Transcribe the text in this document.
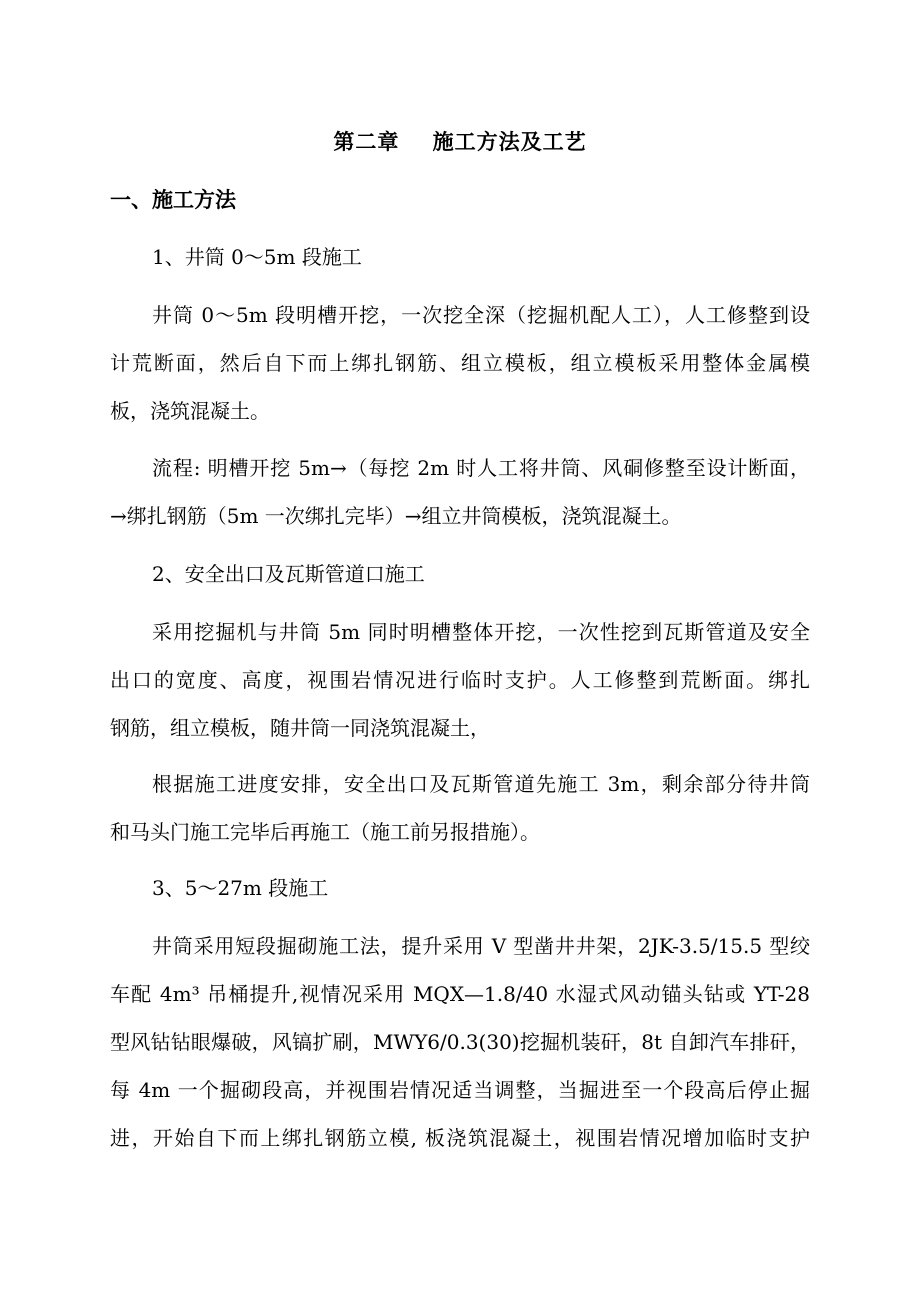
第二章    施工方法及工艺
一、施工方法
1、井筒 0～5m 段施工
井筒 0～5m 段明槽开挖，一次挖全深（挖掘机配人工），人工修整到设
计荒断面，然后自下而上绑扎钢筋、组立模板，组立模板采用整体金属模
板，浇筑混凝土。
流程: 明槽开挖 5m→（每挖 2m 时人工将井筒、风硐修整至设计断面，
→绑扎钢筋（5m 一次绑扎完毕）→组立井筒模板，浇筑混凝土。
2、安全出口及瓦斯管道口施工
采用挖掘机与井筒 5m 同时明槽整体开挖，一次性挖到瓦斯管道及安全
出口的宽度、高度，视围岩情况进行临时支护。人工修整到荒断面。绑扎
钢筋，组立模板，随井筒一同浇筑混凝土，
根据施工进度安排，安全出口及瓦斯管道先施工 3m，剩余部分待井筒
和马头门施工完毕后再施工（施工前另报措施）。
3、5～27m 段施工
井筒采用短段掘砌施工法，提升采用 V 型凿井井架，2JK-3.5/15.5 型绞
车配 4m³ 吊桶提升,视情况采用 MQX—1.8/40 水湿式风动锚头钻或 YT-28
型风钻钻眼爆破，风镐扩刷，MWY6/0.3(30)挖掘机装矸，8t 自卸汽车排矸，
每 4m 一个掘砌段高，并视围岩情况适当调整，当掘进至一个段高后停止掘
进，开始自下而上绑扎钢筋立模, 板浇筑混凝土，视围岩情况增加临时支护
